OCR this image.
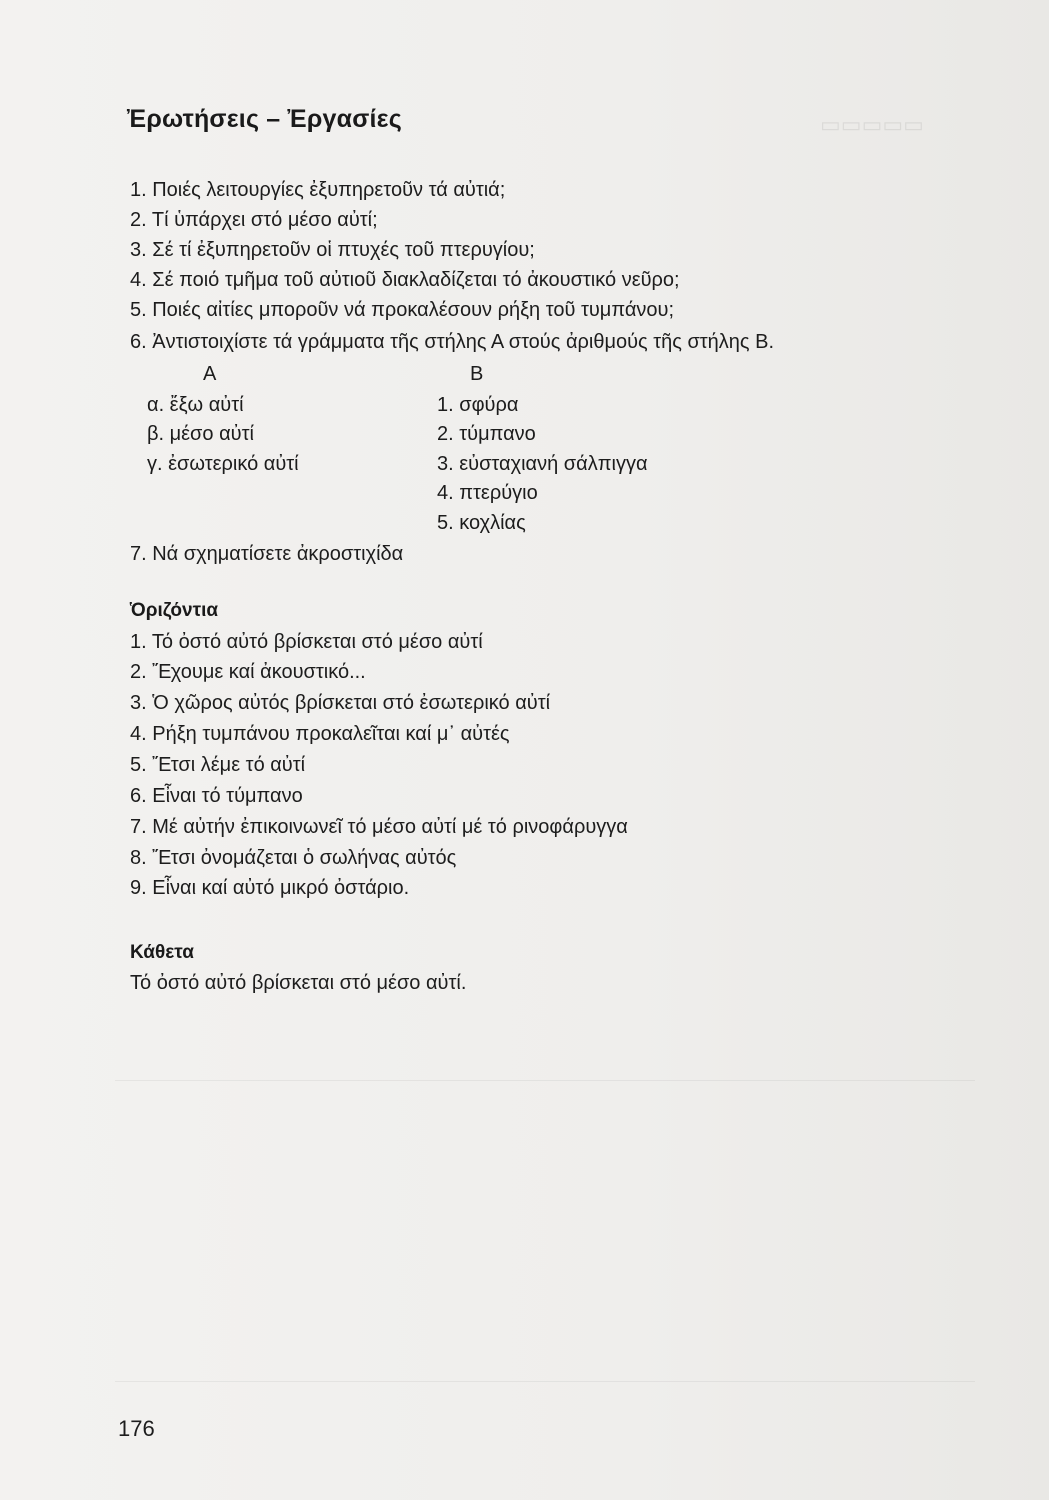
▭▭▭▭▭
Ἐρωτήσεις – Ἐργασίες
1. Ποιές λειτουργίες ἐξυπηρετοῦν τά αὐτιά;
2. Τί ὑπάρχει στό μέσο αὐτί;
3. Σέ τί ἐξυπηρετοῦν οἱ πτυχές τοῦ πτερυγίου;
4. Σέ ποιό τμῆμα τοῦ αὐτιοῦ διακλαδίζεται τό ἀκουστικό νεῦρο;
5. Ποιές αἰτίες μποροῦν νά προκαλέσουν ρήξη τοῦ τυμπάνου;
6. Ἀντιστοιχίστε τά γράμματα τῆς στήλης Α στούς ἀριθμούς τῆς στήλης Β.
Α	Β
α. ἔξω αὐτί
β. μέσο αὐτί
γ. ἐσωτερικό αὐτί
1. σφύρα
2. τύμπανο
3. εὐσταχιανή σάλπιγγα
4. πτερύγιο
5. κοχλίας
7. Νά σχηματίσετε ἀκροστιχίδα
Ὁριζόντια
1. Τό ὀστό αὐτό βρίσκεται στό μέσο αὐτί
2. Ἔχουμε καί ἀκουστικό...
3. Ὁ χῶρος αὐτός βρίσκεται στό ἐσωτερικό αὐτί
4. Ρήξη τυμπάνου προκαλεῖται καί μ᾿ αὐτές
5. Ἔτσι λέμε τό αὐτί
6. Εἶναι τό τύμπανο
7. Μέ αὐτήν ἐπικοινωνεῖ τό μέσο αὐτί μέ τό ρινοφάρυγγα
8. Ἔτσι ὀνομάζεται ὁ σωλήνας αὐτός
9. Εἶναι καί αὐτό μικρό ὀστάριο.
Κάθετα
Τό ὀστό αὐτό βρίσκεται στό μέσο αὐτί.
176
